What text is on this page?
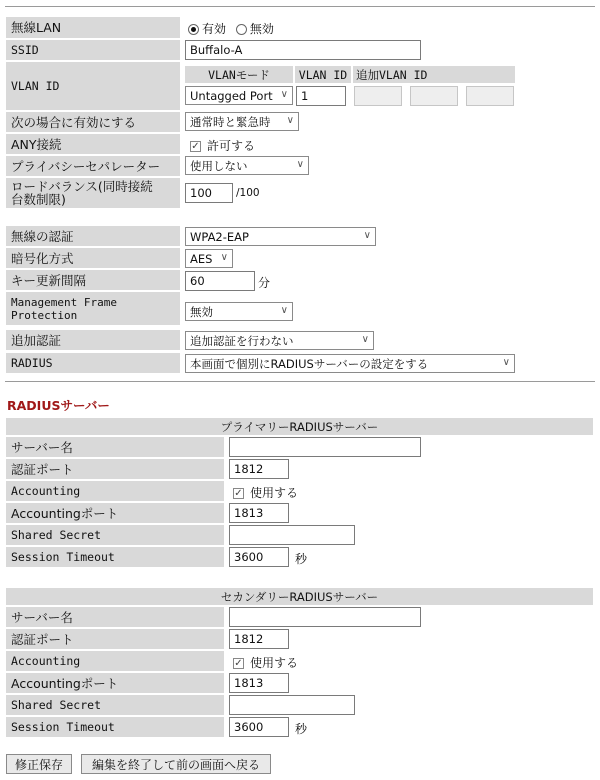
無線LAN	有効 無効
SSID	Buffalo-A
VLAN ID
VLANモード	VLAN ID 追加VLAN ID
Untagged Port ∨ 1
次の場合に有効にする	通常時と緊急時 ∨
ANY接続	✓ 許可する
プライバシーセパレーター	使用しない	∨
ロードバランス(同時接続
台数制限)	100 /100
無線の認証	WPA2-EAP	∨
暗号化方式	AES ∨
キー更新間隔	60	分
Management Frame
Protection	無効	∨
追加認証	追加認証を行わない	∨
RADIUS	本画面で個別にRADIUSサーバーの設定をする	∨
RADIUSサーバー
プライマリーRADIUSサーバー
サーバー名
認証ポート	1812
Accounting	✓ 使用する
Accountingポート	1813
Shared Secret
Session Timeout	3600	秒
セカンダリーRADIUSサーバー
サーバー名
認証ポート	1812
Accounting	✓ 使用する
Accountingポート	1813
Shared Secret
Session Timeout	3600	秒
修正保存 編集を終了して前の画面へ戻る
